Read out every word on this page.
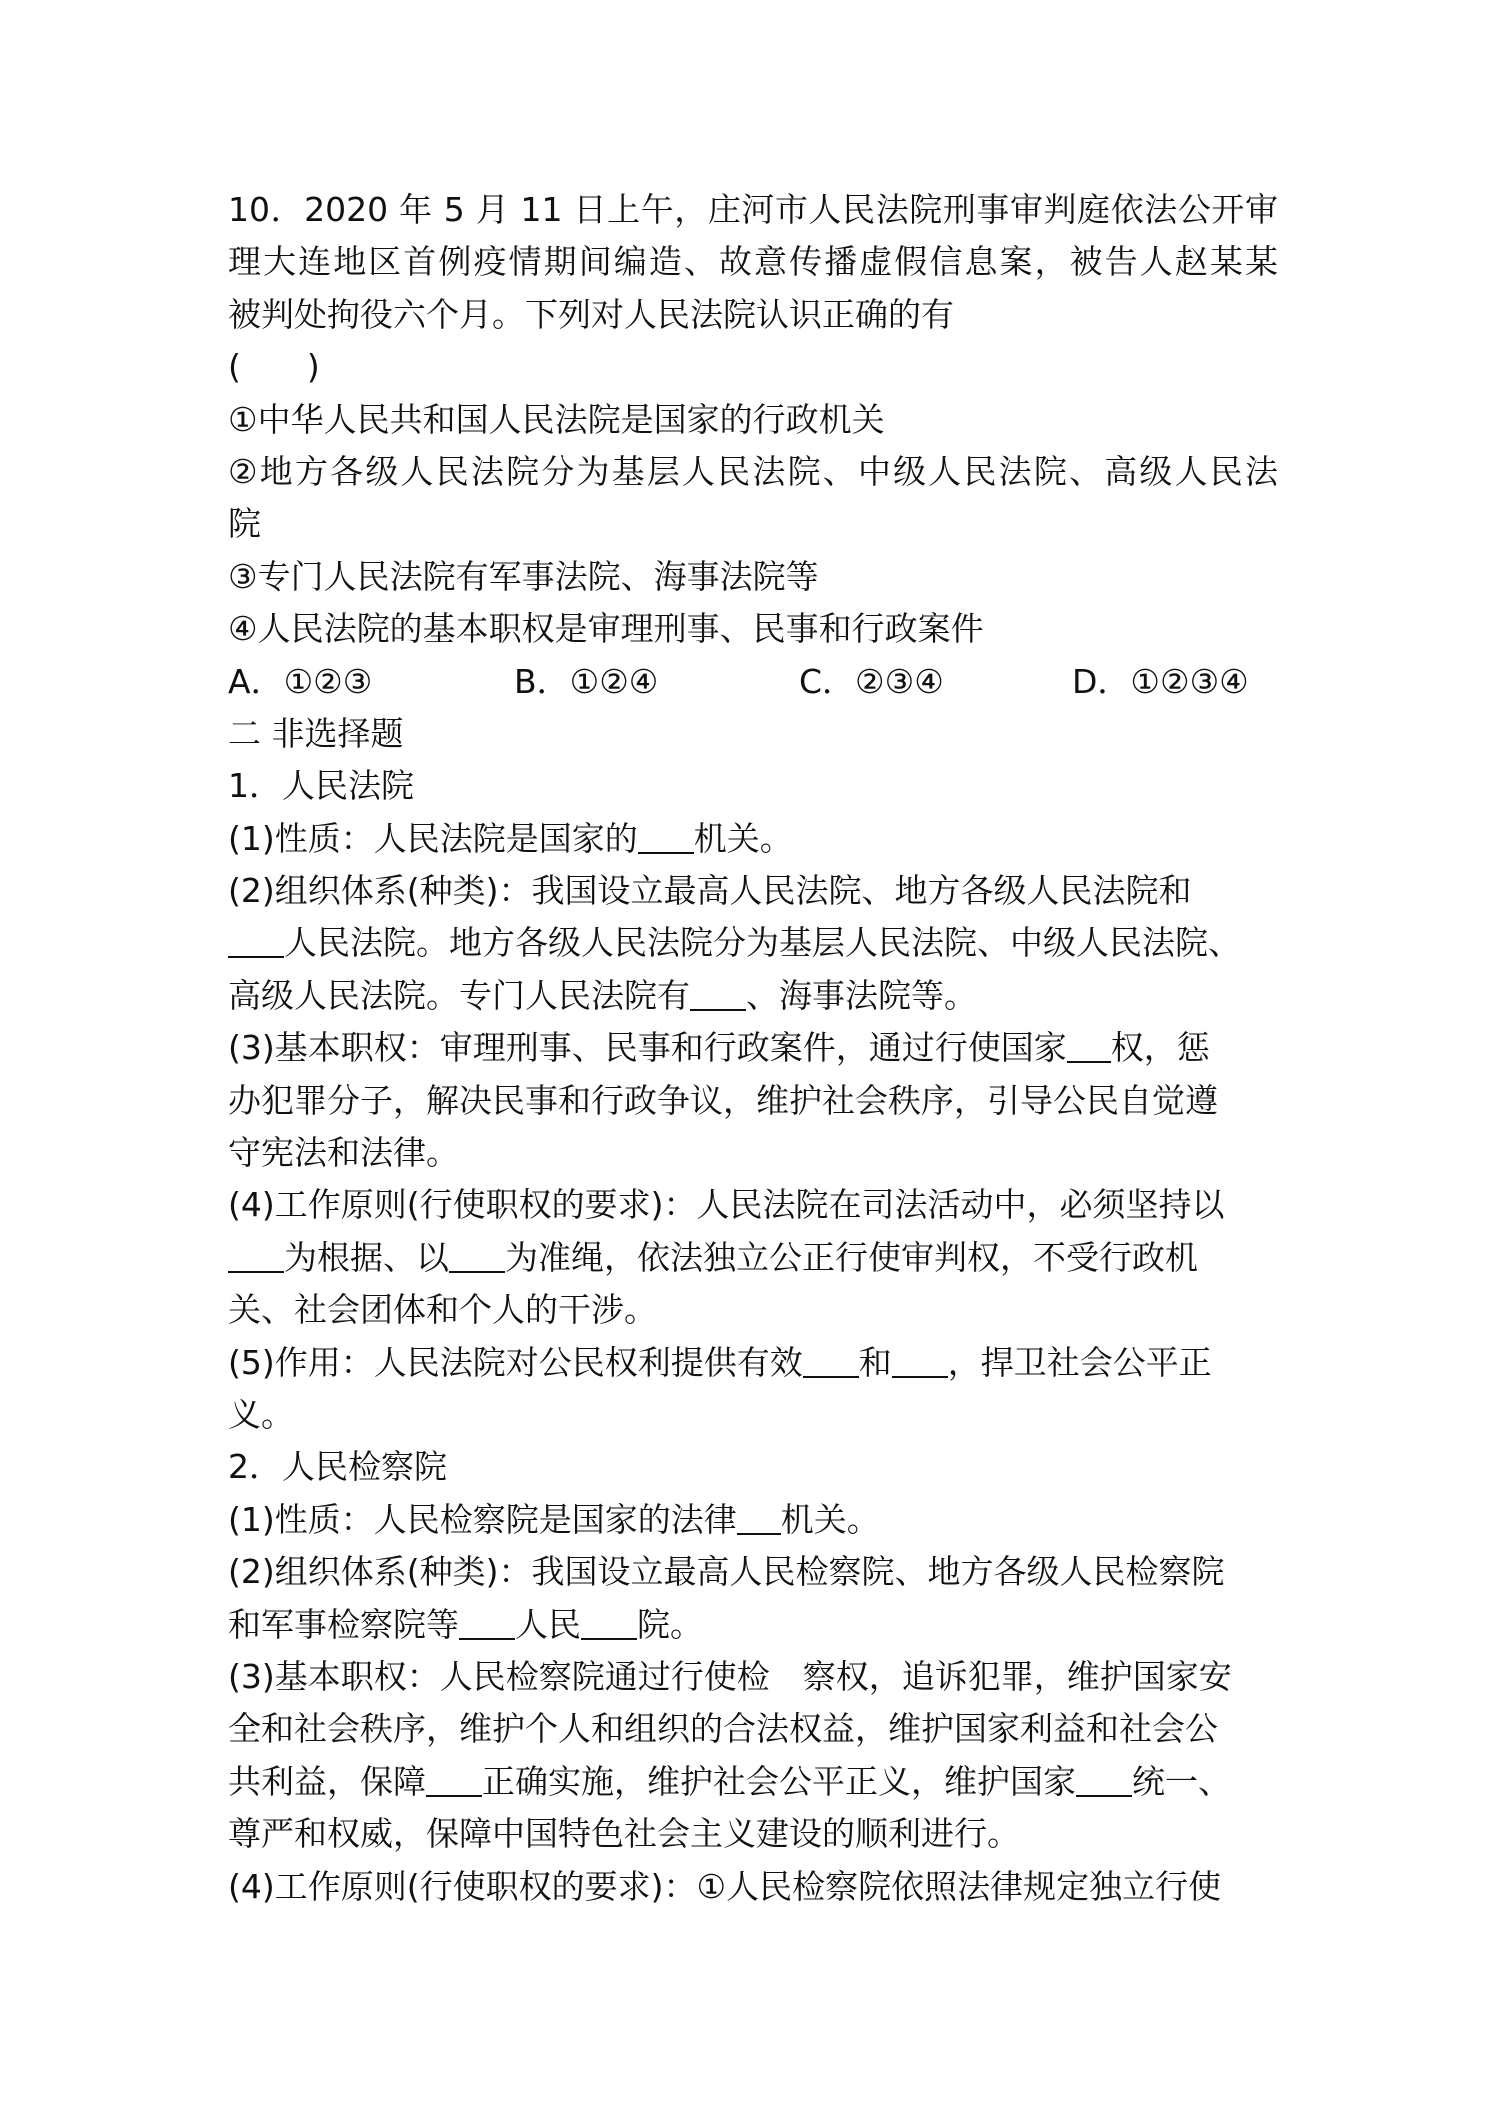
10．2020 年 5 月 11 日上午，庄河市人民法院刑事审判庭依法公开审
理大连地区首例疫情期间编造、故意传播虚假信息案，被告人赵某某
被判处拘役六个月。下列对人民法院认识正确的有
(　　)
①中华人民共和国人民法院是国家的行政机关
②地方各级人民法院分为基层人民法院、中级人民法院、高级人民法
院
③专门人民法院有军事法院、海事法院等
④人民法院的基本职权是审理刑事、民事和行政案件
A．①②③	B．①②④	C．②③④	D．①②③④
二 非选择题
1．人民法院
(1)性质：人民法院是国家的 机关。
(2)组织体系(种类)：我国设立最高人民法院、地方各级人民法院和
人民法院。地方各级人民法院分为基层人民法院、中级人民法院、
高级人民法院。专门人民法院有 、海事法院等。
(3)基本职权：审理刑事、民事和行政案件，通过行使国家 权，惩
办犯罪分子，解决民事和行政争议，维护社会秩序，引导公民自觉遵
守宪法和法律。
(4)工作原则(行使职权的要求)：人民法院在司法活动中，必须坚持以
为根据、以 为准绳，依法独立公正行使审判权，不受行政机
关、社会团体和个人的干涉。
(5)作用：人民法院对公民权利提供有效 和 ，捍卫社会公平正
义。
2．人民检察院
(1)性质：人民检察院是国家的法律 机关。
(2)组织体系(种类)：我国设立最高人民检察院、地方各级人民检察院
和军事检察院等 人民 院。
(3)基本职权：人民检察院通过行使检　察权，追诉犯罪，维护国家安
全和社会秩序，维护个人和组织的合法权益，维护国家利益和社会公
共利益，保障 正确实施，维护社会公平正义，维护国家 统一、
尊严和权威，保障中国特色社会主义建设的顺利进行。
(4)工作原则(行使职权的要求)：①人民检察院依照法律规定独立行使
